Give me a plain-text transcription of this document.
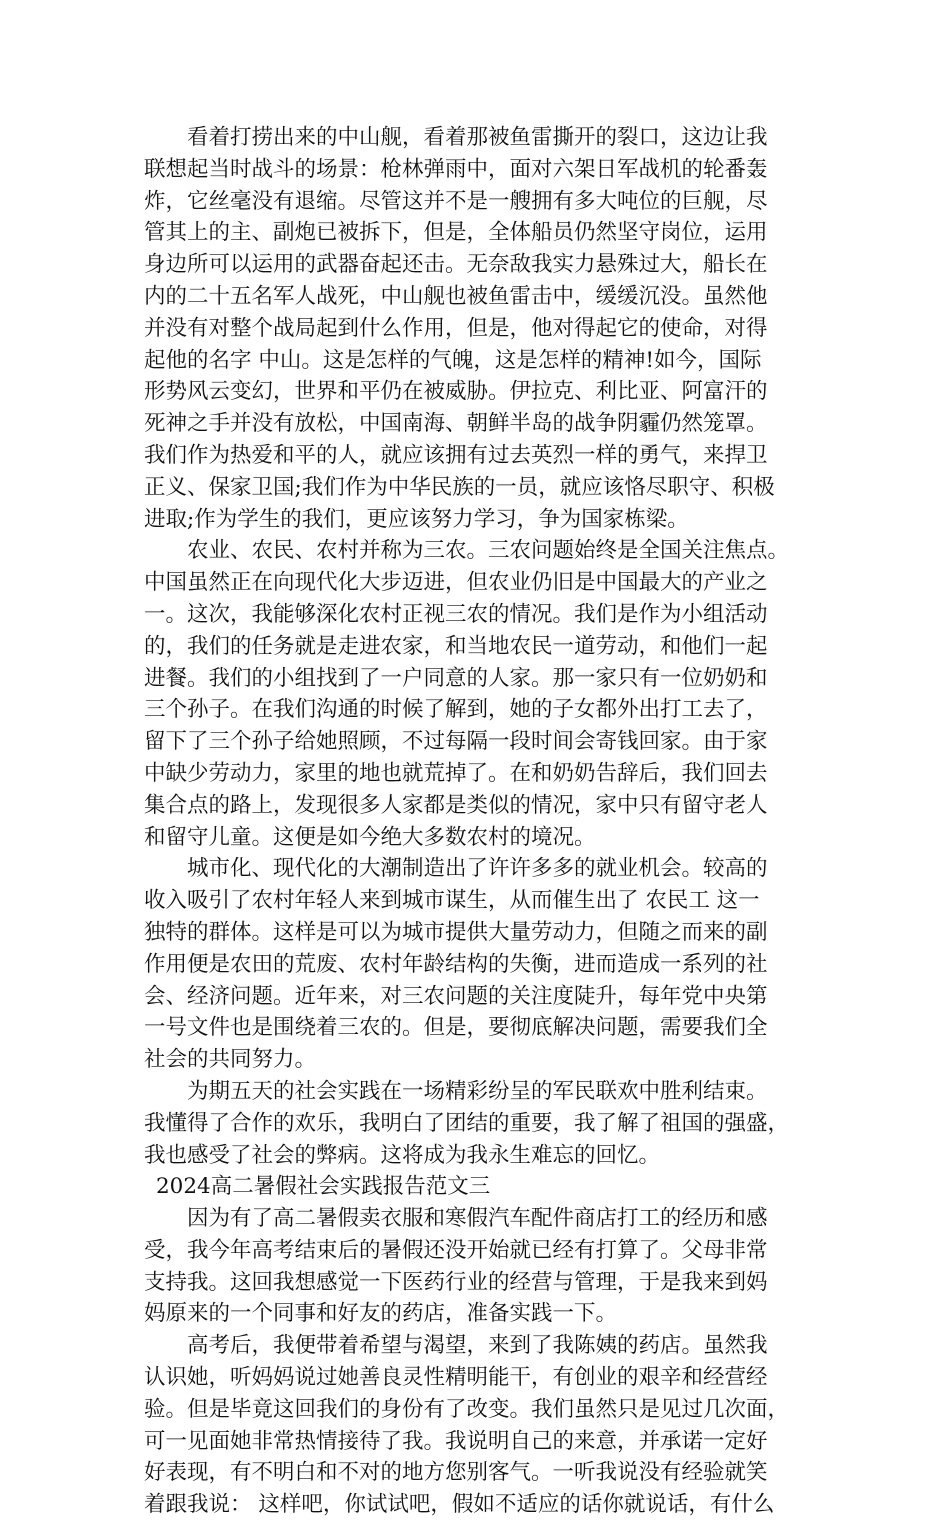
看着打捞出来的中山舰，看着那被鱼雷撕开的裂口，这边让我
联想起当时战斗的场景：枪林弹雨中，面对六架日军战机的轮番轰
炸，它丝毫没有退缩。尽管这并不是一艘拥有多大吨位的巨舰，尽
管其上的主、副炮已被拆下，但是，全体船员仍然坚守岗位，运用
身边所可以运用的武器奋起还击。无奈敌我实力悬殊过大，船长在
内的二十五名军人战死，中山舰也被鱼雷击中，缓缓沉没。虽然他
并没有对整个战局起到什么作用，但是，他对得起它的使命，对得
起他的名字 中山。这是怎样的气魄，这是怎样的精神!如今，国际
形势风云变幻，世界和平仍在被威胁。伊拉克、利比亚、阿富汗的
死神之手并没有放松，中国南海、朝鲜半岛的战争阴霾仍然笼罩。
我们作为热爱和平的人，就应该拥有过去英烈一样的勇气，来捍卫
正义、保家卫国;我们作为中华民族的一员，就应该恪尽职守、积极
进取;作为学生的我们，更应该努力学习，争为国家栋梁。
农业、农民、农村并称为三农。三农问题始终是全国关注焦点。
中国虽然正在向现代化大步迈进，但农业仍旧是中国最大的产业之
一。这次，我能够深化农村正视三农的情况。我们是作为小组活动
的，我们的任务就是走进农家，和当地农民一道劳动，和他们一起
进餐。我们的小组找到了一户同意的人家。那一家只有一位奶奶和
三个孙子。在我们沟通的时候了解到，她的子女都外出打工去了，
留下了三个孙子给她照顾，不过每隔一段时间会寄钱回家。由于家
中缺少劳动力，家里的地也就荒掉了。在和奶奶告辞后，我们回去
集合点的路上，发现很多人家都是类似的情况，家中只有留守老人
和留守儿童。这便是如今绝大多数农村的境况。
城市化、现代化的大潮制造出了许许多多的就业机会。较高的
收入吸引了农村年轻人来到城市谋生，从而催生出了 农民工 这一
独特的群体。这样是可以为城市提供大量劳动力，但随之而来的副
作用便是农田的荒废、农村年龄结构的失衡，进而造成一系列的社
会、经济问题。近年来，对三农问题的关注度陡升，每年党中央第
一号文件也是围绕着三农的。但是，要彻底解决问题，需要我们全
社会的共同努力。
为期五天的社会实践在一场精彩纷呈的军民联欢中胜利结束。
我懂得了合作的欢乐，我明白了团结的重要，我了解了祖国的强盛，
我也感受了社会的弊病。这将成为我永生难忘的回忆。
2024高二暑假社会实践报告范文三
因为有了高二暑假卖衣服和寒假汽车配件商店打工的经历和感
受，我今年高考结束后的暑假还没开始就已经有打算了。父母非常
支持我。这回我想感觉一下医药行业的经营与管理，于是我来到妈
妈原来的一个同事和好友的药店，准备实践一下。
高考后，我便带着希望与渴望，来到了我陈姨的药店。虽然我
认识她，听妈妈说过她善良灵性精明能干，有创业的艰辛和经营经
验。但是毕竟这回我们的身份有了改变。我们虽然只是见过几次面，
可一见面她非常热情接待了我。我说明自己的来意，并承诺一定好
好表现，有不明白和不对的地方您别客气。一听我说没有经验就笑
着跟我说： 这样吧，你试试吧，假如不适应的话你就说话，有什么
